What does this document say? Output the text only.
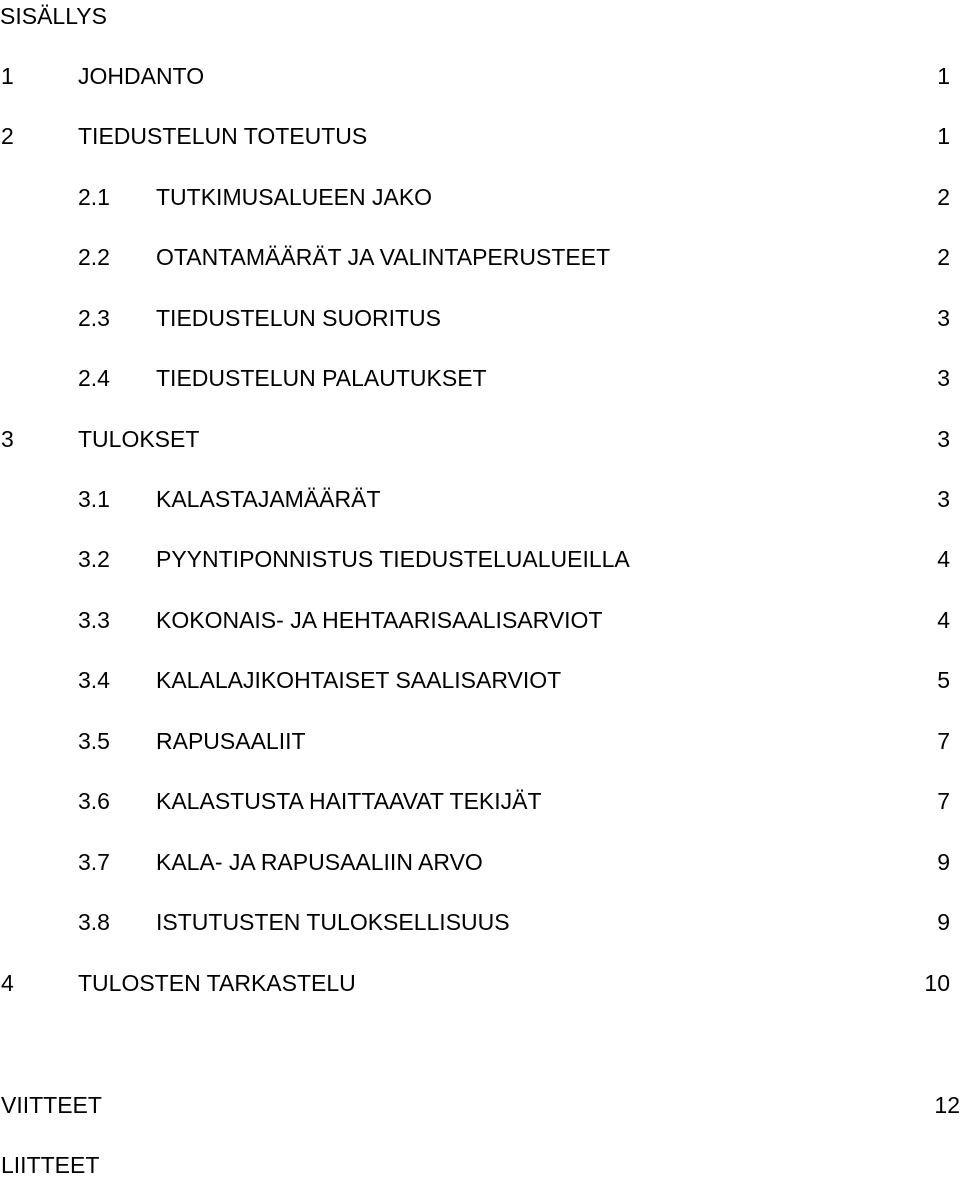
SISÄLLYS
1	JOHDANTO	1
2	TIEDUSTELUN TOTEUTUS	1
2.1 TUTKIMUSALUEEN JAKO	2
2.2 OTANTAMÄÄRÄT JA VALINTAPERUSTEET	2
2.3 TIEDUSTELUN SUORITUS	3
2.4 TIEDUSTELUN PALAUTUKSET	3
3	TULOKSET	3
3.1 KALASTAJAMÄÄRÄT	3
3.2 PYYNTIPONNISTUS TIEDUSTELUALUEILLA	4
3.3 KOKONAIS- JA HEHTAARISAALISARVIOT	4
3.4 KALALAJIKOHTAISET SAALISARVIOT	5
3.5 RAPUSAALIIT	7
3.6 KALASTUSTA HAITTAAVAT TEKIJÄT	7
3.7 KALA- JA RAPUSAALIIN ARVO	9
3.8 ISTUTUSTEN TULOKSELLISUUS	9
4	TULOSTEN TARKASTELU	10
VIITTEET	12
LIITTEET
